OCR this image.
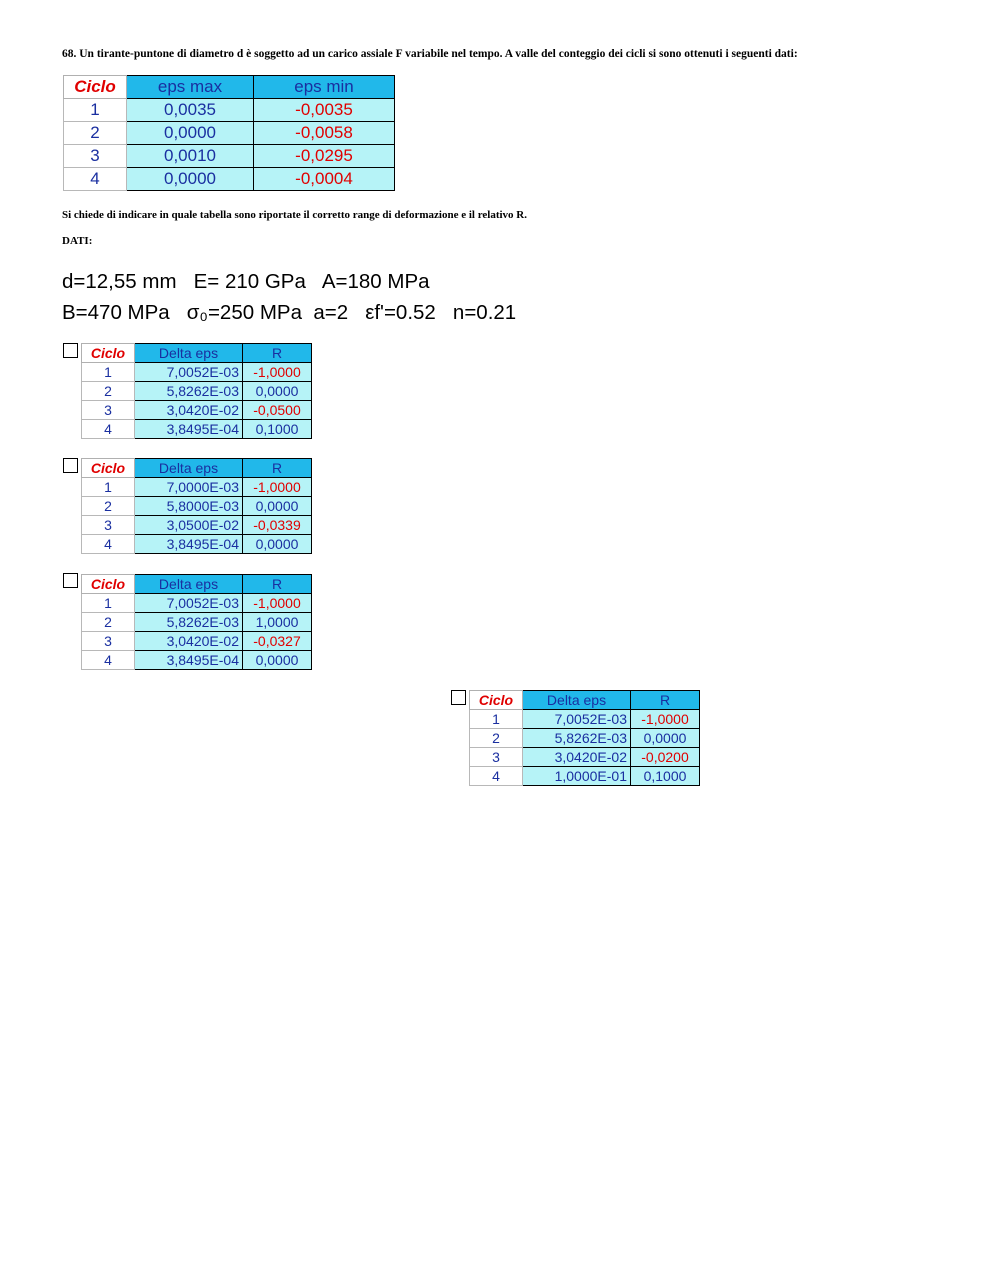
68. Un tirante-puntone di diametro d è soggetto ad un carico assiale F variabile nel tempo. A valle del conteggio dei cicli si sono ottenuti i seguenti dati:
Ciclo	eps max	eps min
1	0,0035	-0,0035
2	0,0000	-0,0058
3	0,0010	-0,0295
4	0,0000	-0,0004
Si chiede di indicare in quale tabella sono riportate il corretto range di deformazione e il relativo R.
DATI:
d=12,55 mm   E= 210 GPa   A=180 MPa
B=470 MPa   σ₀=250 MPa  a=2   εf'=0.52   n=0.21
Ciclo	Delta eps	R
1	7,0052E-03	-1,0000
2	5,8262E-03	0,0000
3	3,0420E-02	-0,0500
4	3,8495E-04	0,1000
Ciclo	Delta eps	R
1	7,0000E-03	-1,0000
2	5,8000E-03	0,0000
3	3,0500E-02	-0,0339
4	3,8495E-04	0,0000
Ciclo	Delta eps	R
1	7,0052E-03	-1,0000
2	5,8262E-03	1,0000
3	3,0420E-02	-0,0327
4	3,8495E-04	0,0000
Ciclo	Delta eps	R
1	7,0052E-03	-1,0000
2	5,8262E-03	0,0000
3	3,0420E-02	-0,0200
4	1,0000E-01	0,1000
